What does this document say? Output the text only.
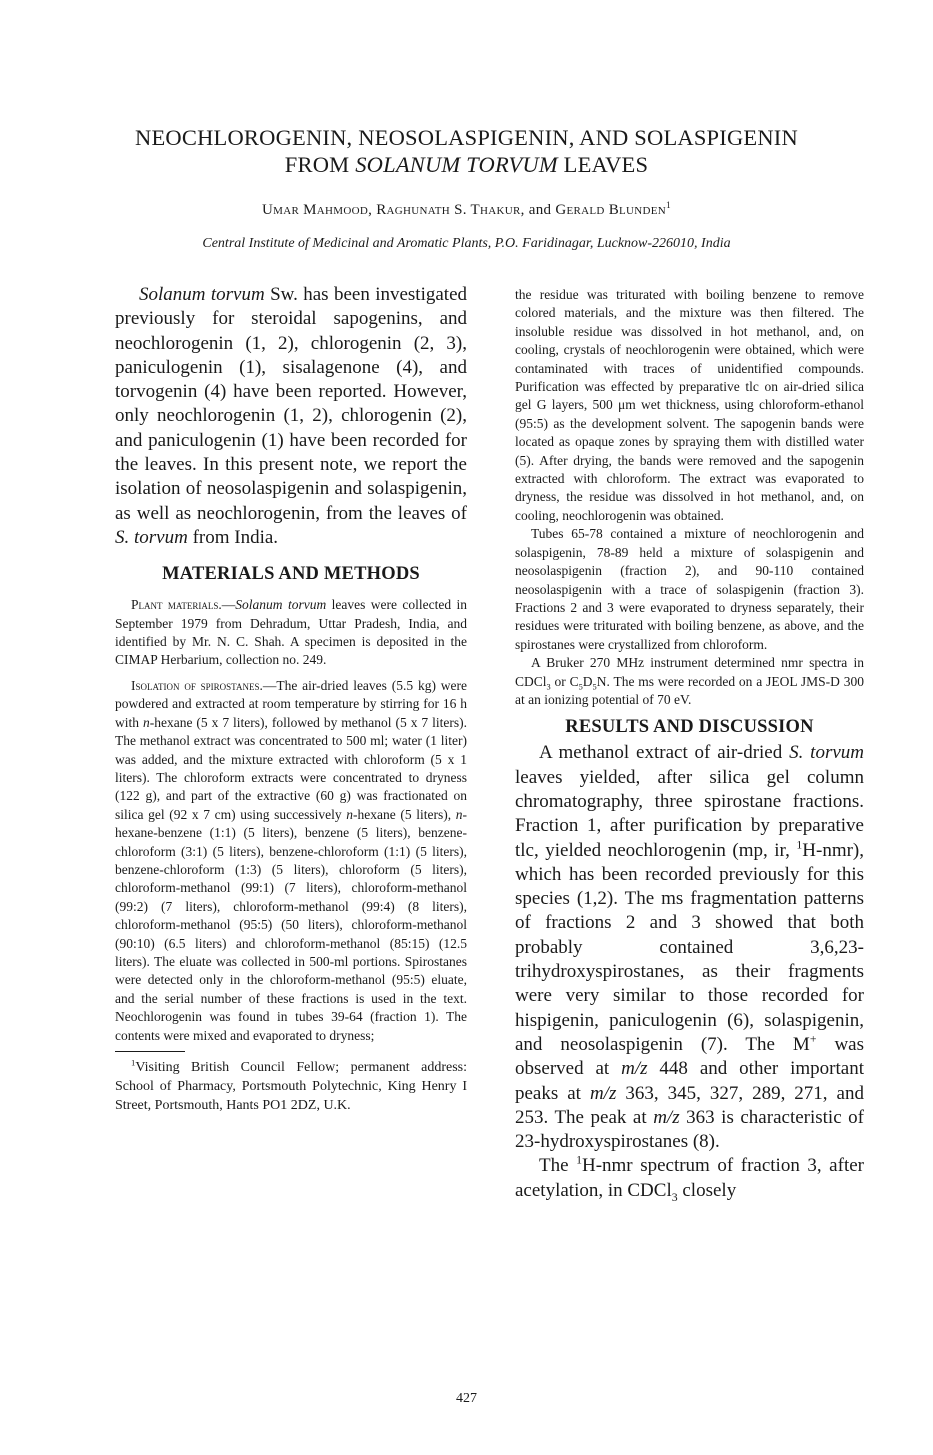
NEOCHLOROGENIN, NEOSOLASPIGENIN, AND SOLASPIGENIN
FROM SOLANUM TORVUM LEAVES
Umar Mahmood, Raghunath S. Thakur, and Gerald Blunden$^1$
Central Institute of Medicinal and Aromatic Plants, P.O. Faridinagar, Lucknow-226010, India

Solanum torvum Sw. has been investigated previously for steroidal sapogenins, and neochlorogenin (1, 2), chlorogenin (2, 3), paniculogenin (1), sisalagenone (4), and torvogenin (4) have been reported. However, only neochlorogenin (1, 2), chlorogenin (2), and paniculogenin (1) have been recorded for the leaves. In this present note, we report the isolation of neosolaspigenin and solaspigenin, as well as neochlorogenin, from the leaves of S. torvum from India.

MATERIALS AND METHODS

Plant materials.—Solanum torvum leaves were collected in September 1979 from Dehradum, Uttar Pradesh, India, and identified by Mr. N. C. Shah. A specimen is deposited in the CIMAP Herbarium, collection no. 249.

Isolation of spirostanes.—The air-dried leaves (5.5 kg) were powdered and extracted at room temperature by stirring for 16 h with n-hexane (5 x 7 liters), followed by methanol (5 x 7 liters). The methanol extract was concentrated to 500 ml; water (1 liter) was added, and the mixture extracted with chloroform (5 x 1 liters). The chloroform extracts were concentrated to dryness (122 g), and part of the extractive (60 g) was fractionated on silica gel (92 x 7 cm) using successively n-hexane (5 liters), n-hexane-benzene (1:1) (5 liters), benzene (5 liters), benzene-chloroform (3:1) (5 liters), benzene-chloroform (1:1) (5 liters), benzene-chloroform (1:3) (5 liters), chloroform (5 liters), chloroform-methanol (99:1) (7 liters), chloroform-methanol (99:2) (7 liters), chloroform-methanol (99:4) (8 liters), chloroform-methanol (95:5) (50 liters), chloroform-methanol (90:10) (6.5 liters) and chloroform-methanol (85:15) (12.5 liters). The eluate was collected in 500-ml portions. Spirostanes were detected only in the chloroform-methanol (95:5) eluate, and the serial number of these fractions is used in the text. Neochlorogenin was found in tubes 39-64 (fraction 1). The contents were mixed and evaporated to dryness;

$^1$Visiting British Council Fellow; permanent address: School of Pharmacy, Portsmouth Polytechnic, King Henry I Street, Portsmouth, Hants PO1 2DZ, U.K.

the residue was triturated with boiling benzene to remove colored materials, and the mixture was then filtered. The insoluble residue was dissolved in hot methanol, and, on cooling, crystals of neochlorogenin were obtained, which were contaminated with traces of unidentified compounds. Purification was effected by preparative tlc on air-dried silica gel G layers, 500 μm wet thickness, using chloroform-ethanol (95:5) as the development solvent. The sapogenin bands were located as opaque zones by spraying them with distilled water (5). After drying, the bands were removed and the sapogenin extracted with chloroform. The extract was evaporated to dryness, the residue was dissolved in hot methanol, and, on cooling, neochlorogenin was obtained.

Tubes 65-78 contained a mixture of neochlorogenin and solaspigenin, 78-89 held a mixture of solaspigenin and neosolaspigenin (fraction 2), and 90-110 contained neosolaspigenin with a trace of solaspigenin (fraction 3). Fractions 2 and 3 were evaporated to dryness separately, their residues were triturated with boiling benzene, as above, and the spirostanes were crystallized from chloroform.

A Bruker 270 MHz instrument determined nmr spectra in CDCl$_3$ or $C_5D_5N$. The ms were recorded on a JEOL JMS-D 300 at an ionizing potential of 70 eV.

RESULTS AND DISCUSSION

A methanol extract of air-dried S. torvum leaves yielded, after silica gel column chromatography, three spirostane fractions. Fraction 1, after purification by preparative tlc, yielded neochlorogenin (mp, ir, $^1$H-nmr), which has been recorded previously for this species (1,2). The ms fragmentation patterns of fractions 2 and 3 showed that both probably contained 3,6,23-trihydroxyspirostanes, as their fragments were very similar to those recorded for hispigenin, paniculogenin (6), solaspigenin, and neosolaspigenin (7). The M+ was observed at m/z 448 and other important peaks at m/z 363, 345, 327, 289, 271, and 253. The peak at m/z 363 is characteristic of 23-hydroxyspirostanes (8).

The $^1$H-nmr spectrum of fraction 3, after acetylation, in CDCl$_3$ closely

427
